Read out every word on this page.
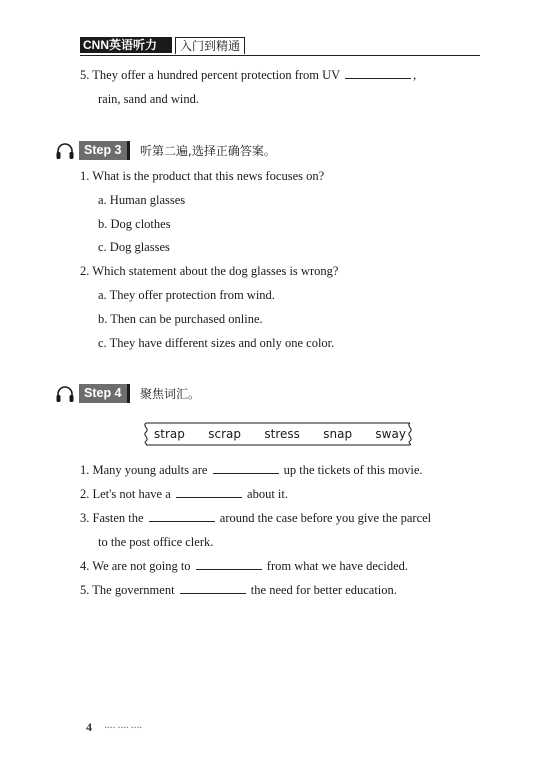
CNN英语听力	入门到精通
5. They offer a hundred percent protection from UV	,
rain, sand and wind.
Step 3	听第二遍,选择正确答案。
1. What is the product that this news focuses on?
a. Human glasses
b. Dog clothes
c. Dog glasses
2. Which statement about the dog glasses is wrong?
a. They offer protection from wind.
b. Then can be purchased online.
c. They have different sizes and only one color.
Step 4	聚焦词汇。
strap scrap stress snap sway
1. Many young adults are	up the tickets of this movie.
2. Let's not have a	about it.
3. Fasten the	around the case before you give the parcel
to the post office clerk.
4. We are not going to	from what we have decided.
5. The government	the need for better education.
4	▪▪▪▪ ▪▪▪▪ ▪▪▪▪
